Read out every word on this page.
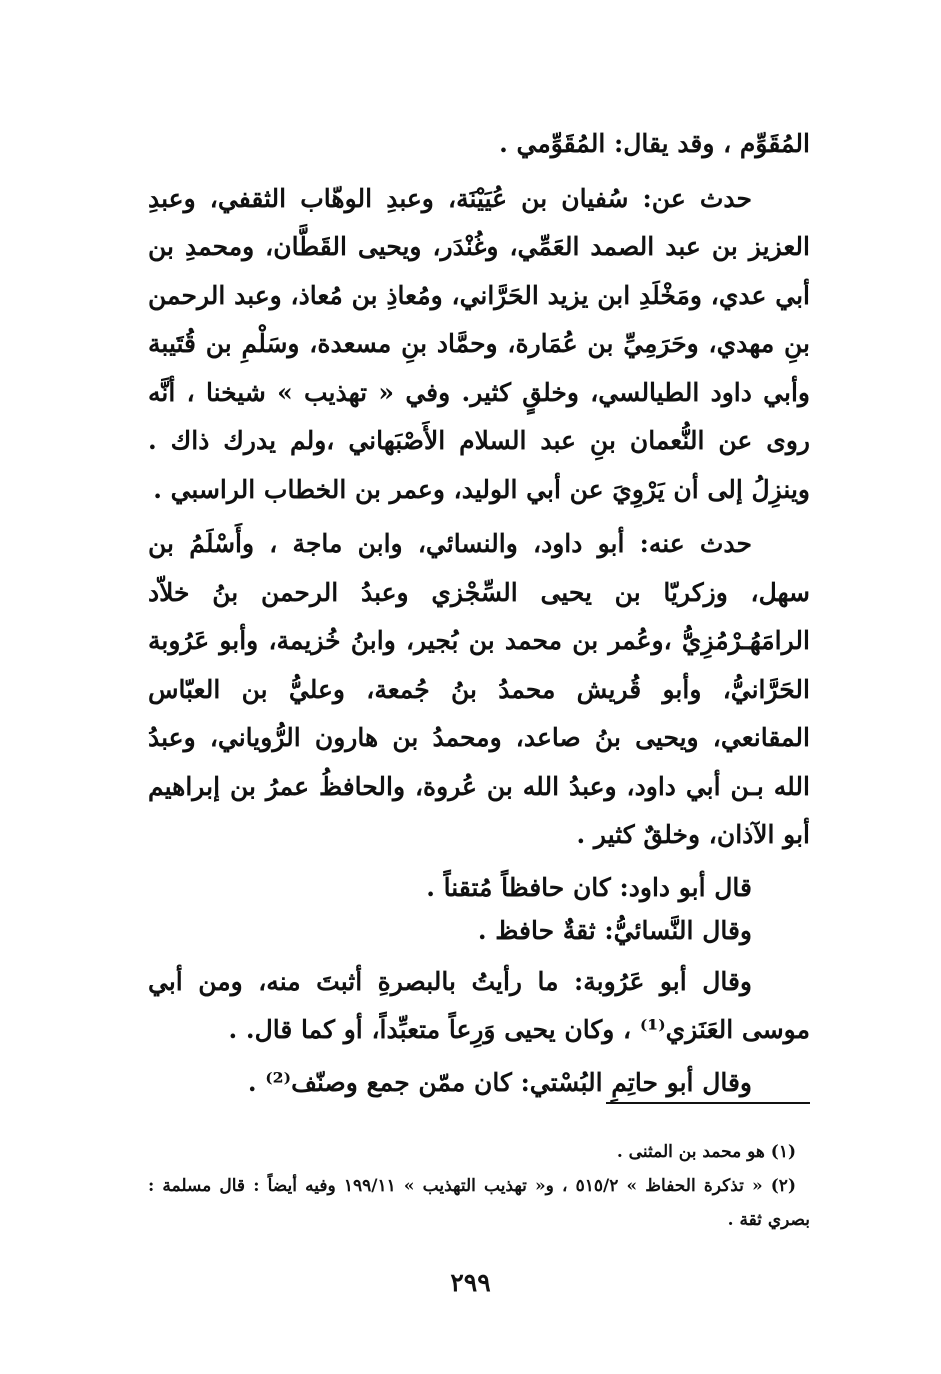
المُقَوِّم ، وقد يقال: المُقَوِّمي .

حدث عن: سُفيان بن عُيَيْنَة، وعبدِ الوهّاب الثقفي، وعبدِ العزيز بن عبد الصمد العَمِّي، وغُنْدَر، ويحيى القَطَّان، ومحمدِ بن أبي عدي، ومَخْلَدِ ابن يزيد الحَرَّاني، ومُعاذِ بن مُعاذ، وعبد الرحمن بنِ مهدي، وحَرَمِيِّ بن عُمَارة، وحمَّاد بنِ مسعدة، وسَلْمِ بن قُتَيبة وأبي داود الطيالسي، وخلقٍ كثير. وفي « تهذيب » شيخنا ، أنَّه روى عن النُّعمان بنِ عبد السلام الأَصْبَهاني ،ولم يدرك ذاك . وينزِلُ إلى أن يَرْوِيَ عن أبي الوليد، وعمر بن الخطاب الراسبي .

حدث عنه: أبو داود، والنسائي، وابن ماجة ، وأَسْلَمُ بن سهل، وزكريّا بن يحيى السِّجْزي وعبدُ الرحمن بنُ خلاّد الرامَهُـرْمُزِيُّ ،وعُمر بن محمد بن بُجير، وابنُ خُزيمة، وأبو عَرُوبة الحَرَّانيُّ، وأبو قُريش محمدُ بنُ جُمعة، وعليُّ بن العبّاس المقانعي، ويحيى بنُ صاعد، ومحمدُ بن هارون الرُّوياني، وعبدُ الله بـن أبي داود، وعبدُ الله بن عُروة، والحافظُ عمرُ بن إبراهيم أبو الآذان، وخلقٌ كثير .

قال أبو داود: كان حافظاً مُتقناً .

وقال النَّسائيُّ: ثقةٌ حافظ .

وقال أبو عَرُوبة: ما رأيتُ بالبصرةِ أثبتَ منه، ومن أبي موسى العَنَزي⁽¹⁾ ، وكان يحيى وَرِعاً متعبِّداً، أو كما قال. .

وقال أبو حاتِمِ البُسْتي: كان ممّن جمع وصنّف⁽²⁾ .

(١) هو محمد بن المثنى .

(٢) « تذكرة الحفاظ » ٥١٥/٢ ، و« تهذيب التهذيب » ١٩٩/١١ وفيه أيضاً : قال مسلمة : بصري ثقة .

٢٩٩
